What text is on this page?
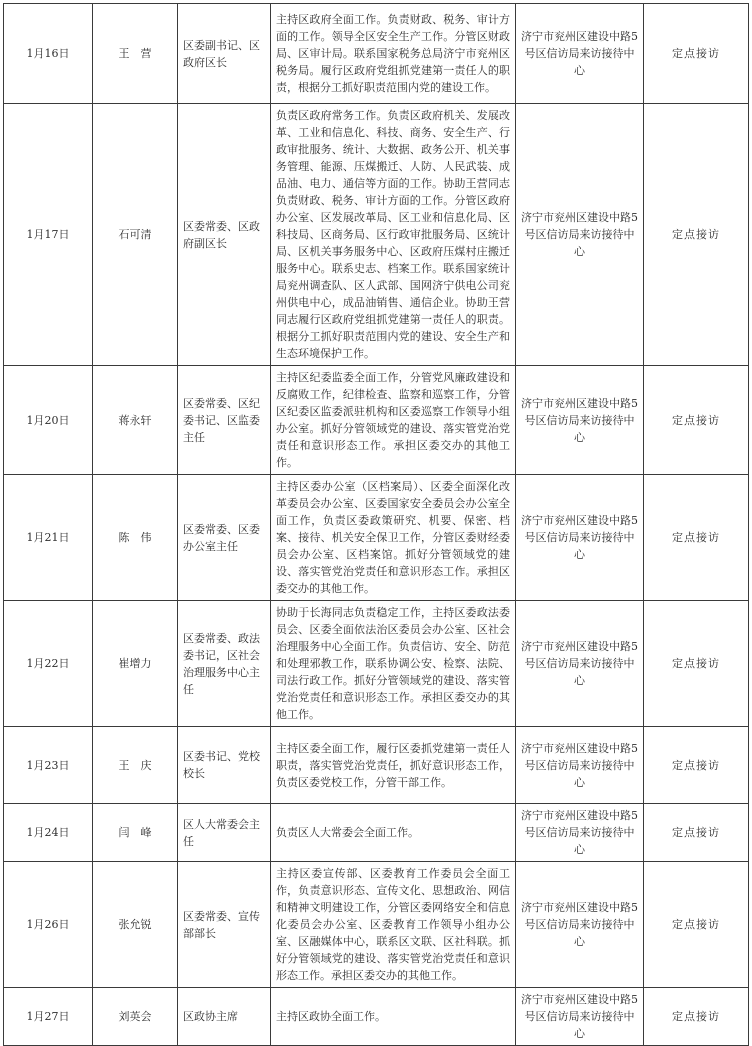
1月16日	王　营	区委副书记、区政府区长	主持区政府全面工作。负责财政、税务、审计方面的工作。领导全区安全生产工作。分管区财政局、区审计局。联系国家税务总局济宁市兖州区税务局。履行区政府党组抓党建第一责任人的职责，根据分工抓好职责范围内党的建设工作。	济宁市兖州区建设中路5号区信访局来访接待中心	定点接访
1月17日	石可清	区委常委、区政府副区长	负责区政府常务工作。负责区政府机关、发展改革、工业和信息化、科技、商务、安全生产、行政审批服务、统计、大数据、政务公开、机关事务管理、能源、压煤搬迁、人防、人民武装、成品油、电力、通信等方面的工作。协助王营同志负责财政、税务、审计方面的工作。分管区政府办公室、区发展改革局、区工业和信息化局、区科技局、区商务局、区行政审批服务局、区统计局、区机关事务服务中心、区政府压煤村庄搬迁服务中心。联系史志、档案工作。联系国家统计局兖州调查队、区人武部、国网济宁供电公司兖州供电中心，成品油销售、通信企业。协助王营同志履行区政府党组抓党建第一责任人的职责。根据分工抓好职责范围内党的建设、安全生产和生态环境保护工作。	济宁市兖州区建设中路5号区信访局来访接待中心	定点接访
1月20日	蒋永轩	区委常委、区纪委书记、区监委主任	主持区纪委监委全面工作，分管党风廉政建设和反腐败工作，纪律检查、监察和巡察工作，分管区纪委区监委派驻机构和区委巡察工作领导小组办公室。抓好分管领域党的建设、落实管党治党责任和意识形态工作。承担区委交办的其他工作。	济宁市兖州区建设中路5号区信访局来访接待中心	定点接访
1月21日	陈　伟	区委常委、区委办公室主任	主持区委办公室（区档案局）、区委全面深化改革委员会办公室、区委国家安全委员会办公室全面工作，负责区委政策研究、机要、保密、档案、接待、机关安全保卫工作，分管区委财经委员会办公室、区档案馆。抓好分管领域党的建设、落实管党治党责任和意识形态工作。承担区委交办的其他工作。	济宁市兖州区建设中路5号区信访局来访接待中心	定点接访
1月22日	崔增力	区委常委、政法委书记，区社会治理服务中心主任	协助于长海同志负责稳定工作，主持区委政法委员会、区委全面依法治区委员会办公室、区社会治理服务中心全面工作。负责信访、安全、防范和处理邪教工作，联系协调公安、检察、法院、司法行政工作。抓好分管领域党的建设、落实管党治党责任和意识形态工作。承担区委交办的其他工作。	济宁市兖州区建设中路5号区信访局来访接待中心	定点接访
1月23日	王　庆	区委书记、党校校长	主持区委全面工作，履行区委抓党建第一责任人职责，落实管党治党责任，抓好意识形态工作，负责区委党校工作，分管干部工作。	济宁市兖州区建设中路5号区信访局来访接待中心	定点接访
1月24日	闫　峰	区人大常委会主任	负责区人大常委会全面工作。	济宁市兖州区建设中路5号区信访局来访接待中心	定点接访
1月26日	张允锐	区委常委、宣传部部长	主持区委宣传部、区委教育工作委员会全面工作，负责意识形态、宣传文化、思想政治、网信和精神文明建设工作，分管区委网络安全和信息化委员会办公室、区委教育工作领导小组办公室、区融媒体中心，联系区文联、区社科联。抓好分管领域党的建设、落实管党治党责任和意识形态工作。承担区委交办的其他工作。	济宁市兖州区建设中路5号区信访局来访接待中心	定点接访
1月27日	刘英会	区政协主席	主持区政协全面工作。	济宁市兖州区建设中路5号区信访局来访接待中心	定点接访
